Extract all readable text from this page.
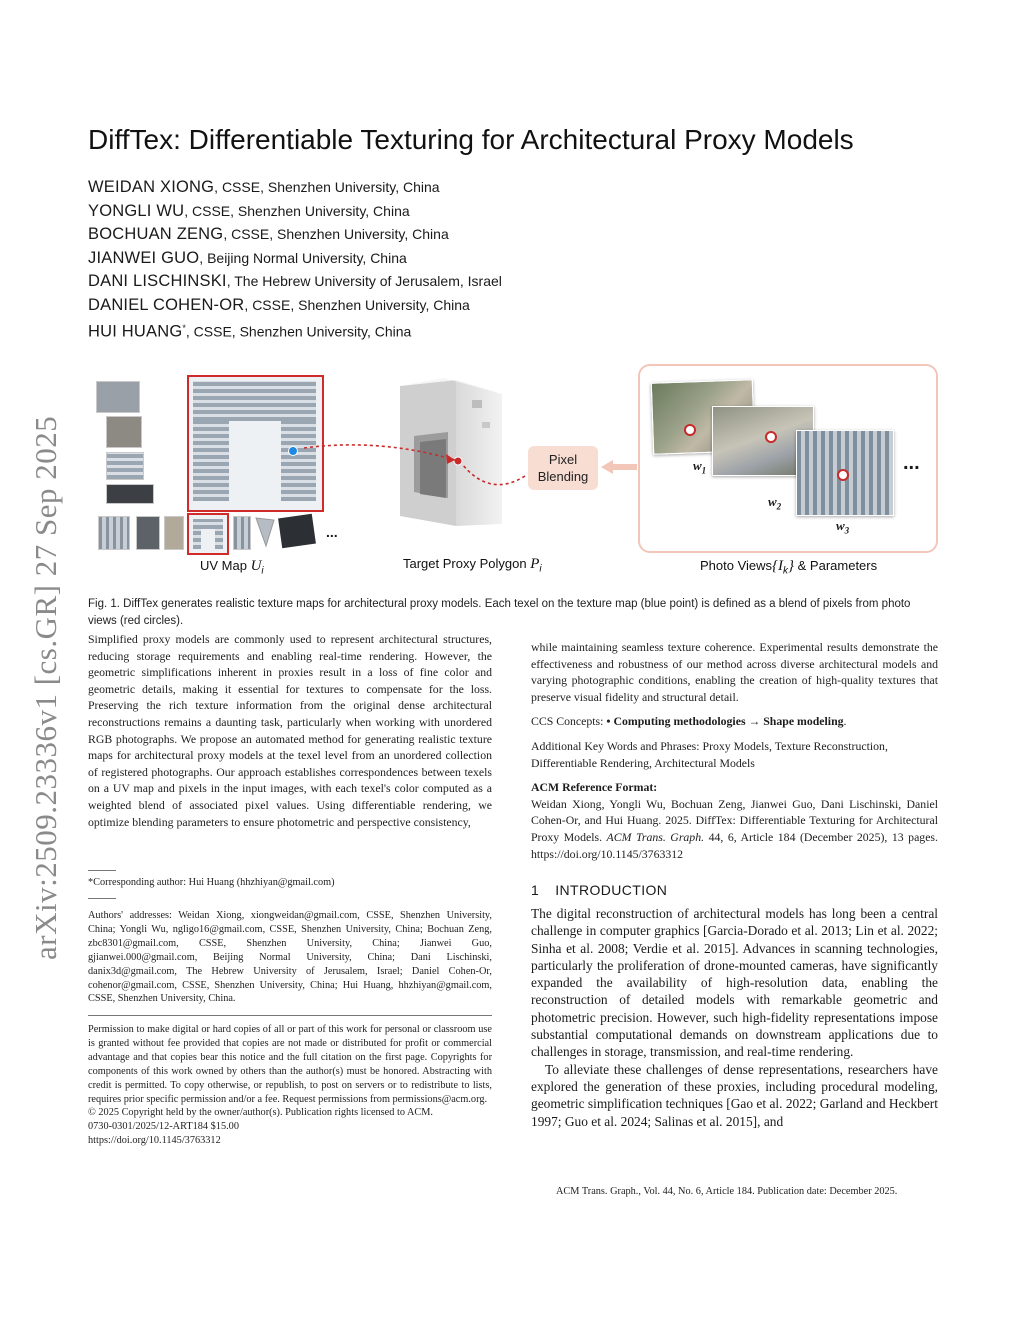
arXiv:2509.23336v1 [cs.GR] 27 Sep 2025
DiffTex: Differentiable Texturing for Architectural Proxy Models
WEIDAN XIONG, CSSE, Shenzhen University, China
YONGLI WU, CSSE, Shenzhen University, China
BOCHUAN ZENG, CSSE, Shenzhen University, China
JIANWEI GUO, Beijing Normal University, China
DANI LISCHINSKI, The Hebrew University of Jerusalem, Israel
DANIEL COHEN-OR, CSSE, Shenzhen University, China
HUI HUANG*, CSSE, Shenzhen University, China
...
UV Map $U_i$
Target Proxy Polygon $P_i$
Pixel
Blending
$w_1$
$w_2$
$w_3$
...
Photo $Views\{I_k\}$ & Parameters
Fig. 1. DiffTex generates realistic texture maps for architectural proxy models. Each texel on the texture map (blue point) is defined as a blend of pixels from photo views (red circles).

Simplified proxy models are commonly used to represent architectural structures, reducing storage requirements and enabling real-time rendering. However, the geometric simplifications inherent in proxies result in a loss of fine color and geometric details, making it essential for textures to compensate for the loss. Preserving the rich texture information from the original dense architectural reconstructions remains a daunting task, particularly when working with unordered RGB photographs. We propose an automated method for generating realistic texture maps for architectural proxy models at the texel level from an unordered collection of registered photographs. Our approach establishes correspondences between texels on a UV map and pixels in the input images, with each texel's color computed as a weighted blend of associated pixel values. Using differentiable rendering, we optimize blending parameters to ensure photometric and perspective consistency,

*Corresponding author: Hui Huang (hhzhiyan@gmail.com)
Authors' addresses: Weidan Xiong, xiongweidan@gmail.com, CSSE, Shenzhen University, China; Yongli Wu, ngligo16@gmail.com, CSSE, Shenzhen University, China; Bochuan Zeng, zbc8301@gmail.com, CSSE, Shenzhen University, China; Jianwei Guo, gjianwei.000@gmail.com, Beijing Normal University, China; Dani Lischinski, danix3d@gmail.com, The Hebrew University of Jerusalem, Israel; Daniel Cohen-Or, cohenor@gmail.com, CSSE, Shenzhen University, China; Hui Huang, hhzhiyan@gmail.com, CSSE, Shenzhen University, China.

Permission to make digital or hard copies of all or part of this work for personal or classroom use is granted without fee provided that copies are not made or distributed for profit or commercial advantage and that copies bear this notice and the full citation on the first page. Copyrights for components of this work owned by others than the author(s) must be honored. Abstracting with credit is permitted. To copy otherwise, or republish, to post on servers or to redistribute to lists, requires prior specific permission and/or a fee. Request permissions from permissions@acm.org.

© 2025 Copyright held by the owner/author(s). Publication rights licensed to ACM.

0730-0301/2025/12-ART184 $15.00

https://doi.org/10.1145/3763312

while maintaining seamless texture coherence. Experimental results demonstrate the effectiveness and robustness of our method across diverse architectural models and varying photographic conditions, enabling the creation of high-quality textures that preserve visual fidelity and structural detail.

CCS Concepts: • Computing methodologies → Shape modeling.

Additional Key Words and Phrases: Proxy Models, Texture Reconstruction, Differentiable Rendering, Architectural Models

ACM Reference Format:

Weidan Xiong, Yongli Wu, Bochuan Zeng, Jianwei Guo, Dani Lischinski, Daniel Cohen-Or, and Hui Huang. 2025. DiffTex: Differentiable Texturing for Architectural Proxy Models. ACM Trans. Graph. 44, 6, Article 184 (December 2025), 13 pages. https://doi.org/10.1145/3763312

1 INTRODUCTION

The digital reconstruction of architectural models has long been a central challenge in computer graphics [Garcia-Dorado et al. 2013; Lin et al. 2022; Sinha et al. 2008; Verdie et al. 2015]. Advances in scanning technologies, particularly the proliferation of drone-mounted cameras, have significantly expanded the availability of high-resolution data, enabling the reconstruction of detailed models with remarkable geometric and photometric precision. However, such high-fidelity representations impose substantial computational demands on downstream applications due to challenges in storage, transmission, and real-time rendering.

To alleviate these challenges of dense representations, researchers have explored the generation of these proxies, including procedural modeling, geometric simplification techniques [Gao et al. 2022; Garland and Heckbert 1997; Guo et al. 2024; Salinas et al. 2015], and

ACM Trans. Graph., Vol. 44, No. 6, Article 184. Publication date: December 2025.
